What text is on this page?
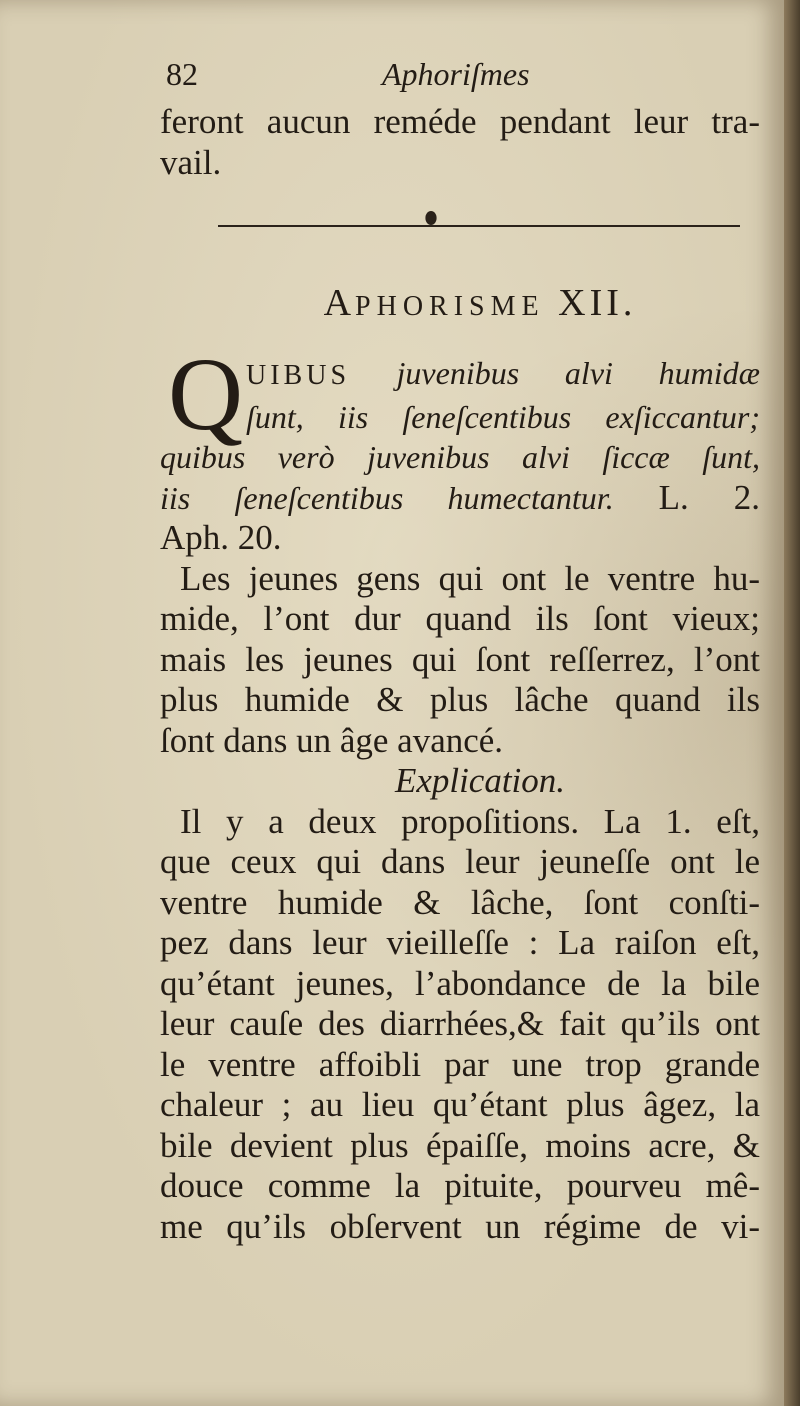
82	Aphoriſmes
feront aucun reméde pendant leur tra-
vail.
APHORISME XII.
Q UIBUS juvenibus alvi humidæ
ſunt, iis ſeneſcentibus exſiccantur;
quibus verò juvenibus alvi ſiccæ ſunt,
iis ſeneſcentibus humectantur. L. 2.
Aph. 20.
Les jeunes gens qui ont le ventre hu-
mide, l’ont dur quand ils ſont vieux;
mais les jeunes qui ſont reſſerrez, l’ont
plus humide & plus lâche quand ils
ſont dans un âge avancé.
Explication.
Il y a deux propoſitions. La 1. eſt,
que ceux qui dans leur jeuneſſe ont le
ventre humide & lâche, ſont conſti-
pez dans leur vieilleſſe : La raiſon eſt,
qu’étant jeunes, l’abondance de la bile
leur cauſe des diarrhées,& fait qu’ils ont
le ventre affoibli par une trop grande
chaleur ; au lieu qu’étant plus âgez, la
bile devient plus épaiſſe, moins acre, &
douce comme la pituite, pourveu mê-
me qu’ils obſervent un régime de vi-
